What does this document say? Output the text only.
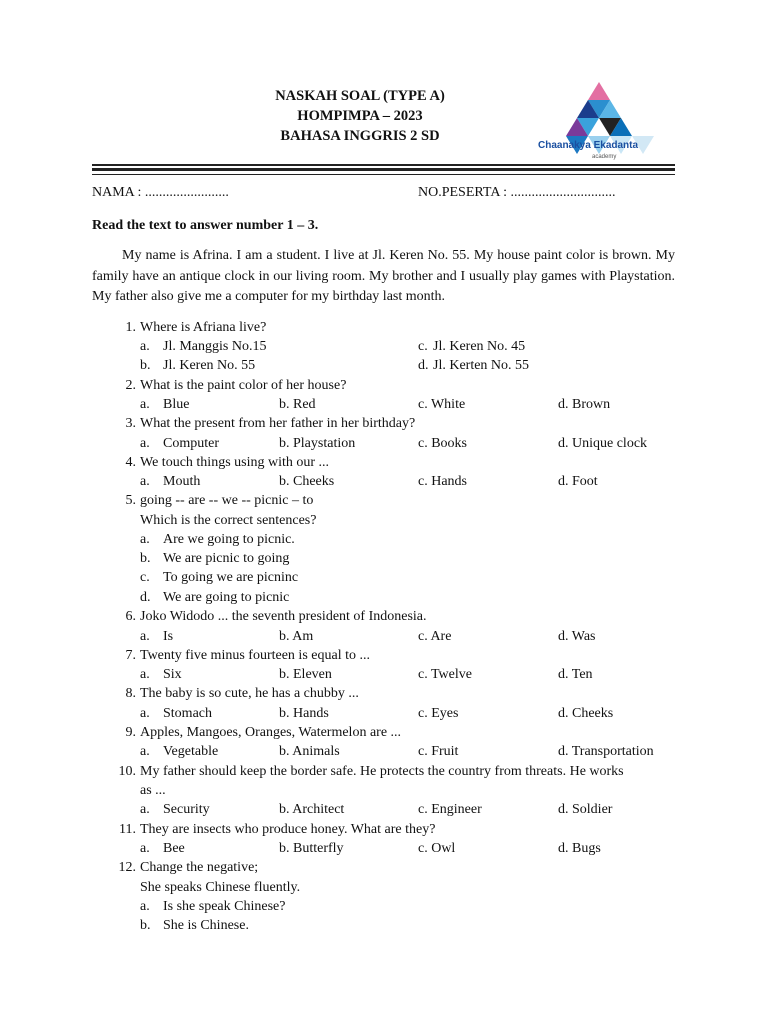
NASKAH SOAL (TYPE A)
HOMPIMPA – 2023
BAHASA INGGRIS 2 SD
Chaanakya Ekadanta
academy
NAMA : ........................	NO.PESERTA : ..............................
Read the text to answer number 1 – 3.

My name is Afrina. I am a student. I live at Jl. Keren No. 55. My house paint color is brown. My family have an antique clock in our living room. My brother and I usually play games with Playstation. My father also give me a computer for my birthday last month.

1. Where is Afriana live?
a. Jl. Manggis No.15	c. Jl. Keren No. 45
b. Jl. Keren No. 55	d. Jl. Kerten No. 55
2. What is the paint color of her house?
a. Blue	b. Red	c. White	d. Brown
3. What the present from her father in her birthday?
a. Computer	b. Playstation	c. Books	d. Unique clock
4. We touch things using with our ...
a. Mouth	b. Cheeks	c. Hands	d. Foot
5. going -- are -- we -- picnic – to
Which is the correct sentences?
a. Are we going to picnic.
b. We are picnic to going
c. To going we are picninc
d. We are going to picnic
6. Joko Widodo ... the seventh president of Indonesia.
a. Is	b. Am	c. Are	d. Was
7. Twenty five minus fourteen is equal to ...
a. Six	b. Eleven	c. Twelve	d. Ten
8. The baby is so cute, he has a chubby ...
a. Stomach	b. Hands	c. Eyes	d. Cheeks
9. Apples, Mangoes, Oranges, Watermelon are ...
a. Vegetable	b. Animals	c. Fruit	d. Transportation
10. My father should keep the border safe. He protects the country from threats. He works
as ...
a. Security	b. Architect	c. Engineer	d. Soldier
11. They are insects who produce honey. What are they?
a. Bee	b. Butterfly	c. Owl	d. Bugs
12. Change the negative;
She speaks Chinese fluently.
a. Is she speak Chinese?
b. She is Chinese.
